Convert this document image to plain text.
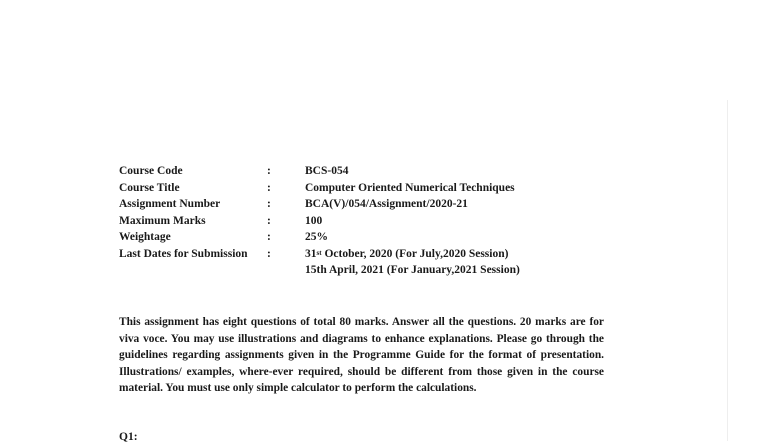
Course Code	:	BCS-054
Course Title	:	Computer Oriented Numerical Techniques
Assignment Number	:	BCA(V)/054/Assignment/2020-21
Maximum Marks	:	100
Weightage	:	25%
Last Dates for Submission	:	31st October, 2020 (For July,2020 Session)
15th April, 2021 (For January,2021 Session)

This assignment has eight questions of total 80 marks. Answer all the questions. 20 marks are for viva voce. You may use illustrations and diagrams to enhance explanations. Please go through the guidelines regarding assignments given in the Programme Guide for the format of presentation. Illustrations/ examples, where-ever required, should be different from those given in the course material. You must use only simple calculator to perform the calculations.

Q1:
